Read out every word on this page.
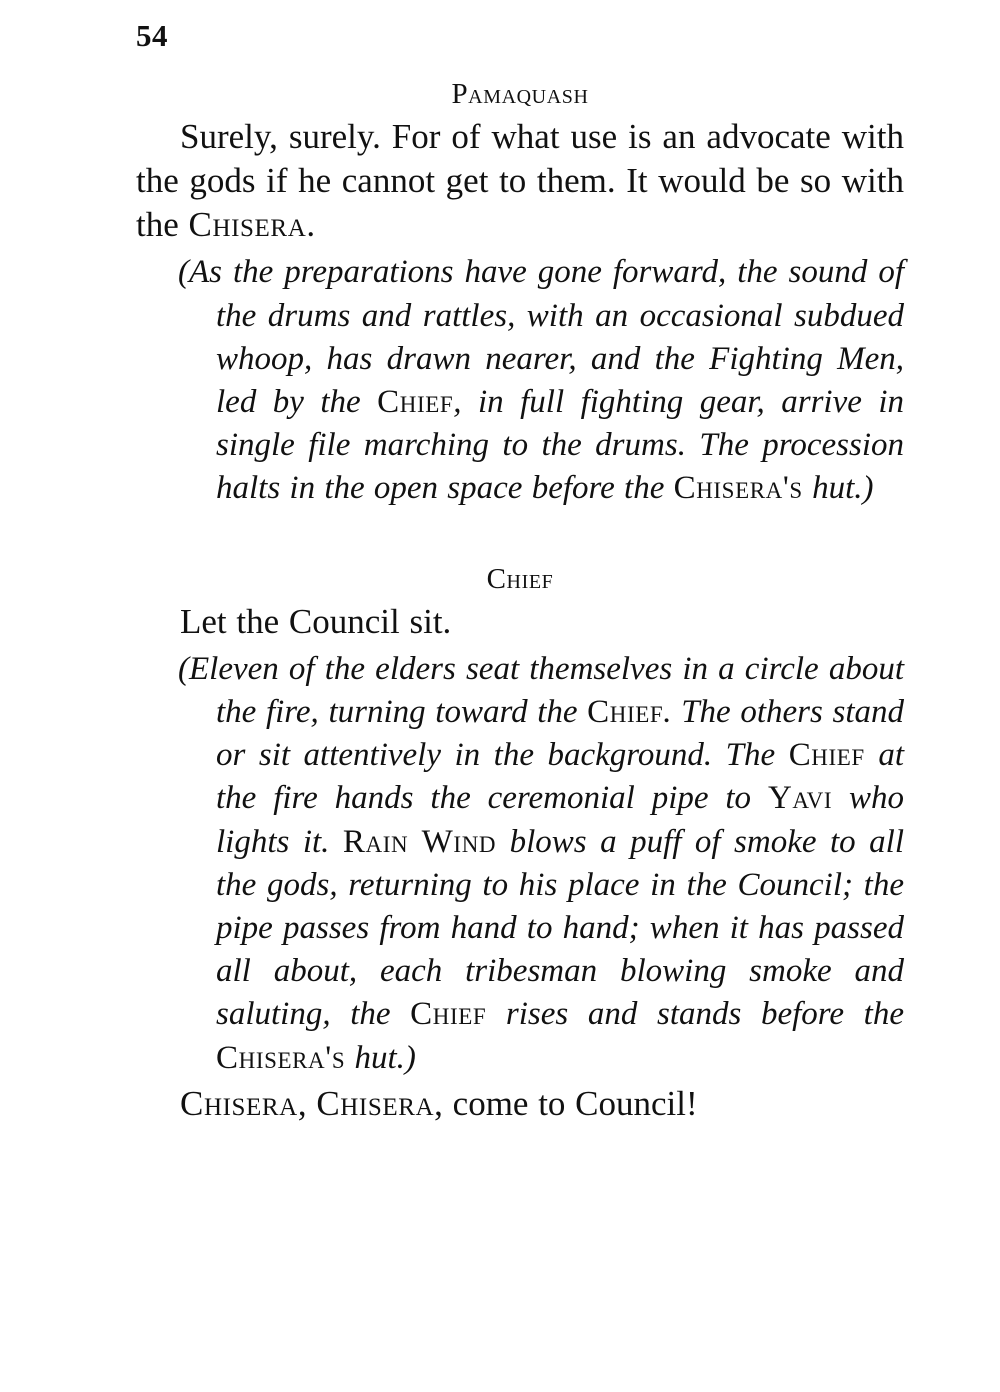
54
Pamaquash

Surely, surely. For of what use is an advocate with the gods if he cannot get to them. It would be so with the Chisera.

(As the preparations have gone forward, the sound of the drums and rattles, with an occasional subdued whoop, has drawn nearer, and the Fighting Men, led by the Chief, in full fighting gear, arrive in single file marching to the drums. The procession halts in the open space before the Chisera's hut.)

Chief

Let the Council sit.

(Eleven of the elders seat themselves in a circle about the fire, turning toward the Chief. The others stand or sit attentively in the background. The Chief at the fire hands the ceremonial pipe to Yavi who lights it. Rain Wind blows a puff of smoke to all the gods, returning to his place in the Council; the pipe passes from hand to hand; when it has passed all about, each tribesman blowing smoke and saluting, the Chief rises and stands before the Chisera's hut.)

Chisera, Chisera, come to Council!
